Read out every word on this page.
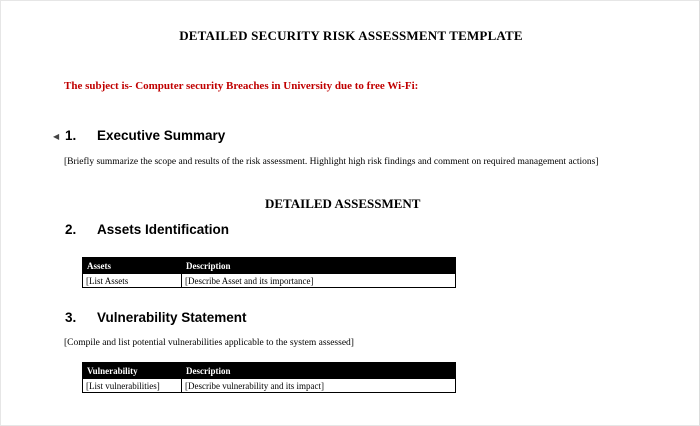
DETAILED SECURITY RISK ASSESSMENT TEMPLATE
The subject is- Computer security Breaches in University due to free Wi-Fi:
◀ 1. Executive Summary
[Briefly summarize the scope and results of the risk assessment. Highlight high risk findings and comment on required management actions]
DETAILED ASSESSMENT
2. Assets Identification
Assets	Description
[List Assets	[Describe Asset and its importance]
3. Vulnerability Statement
[Compile and list potential vulnerabilities applicable to the system assessed]
Vulnerability	Description
[List vulnerabilities]	[Describe vulnerability and its impact]
